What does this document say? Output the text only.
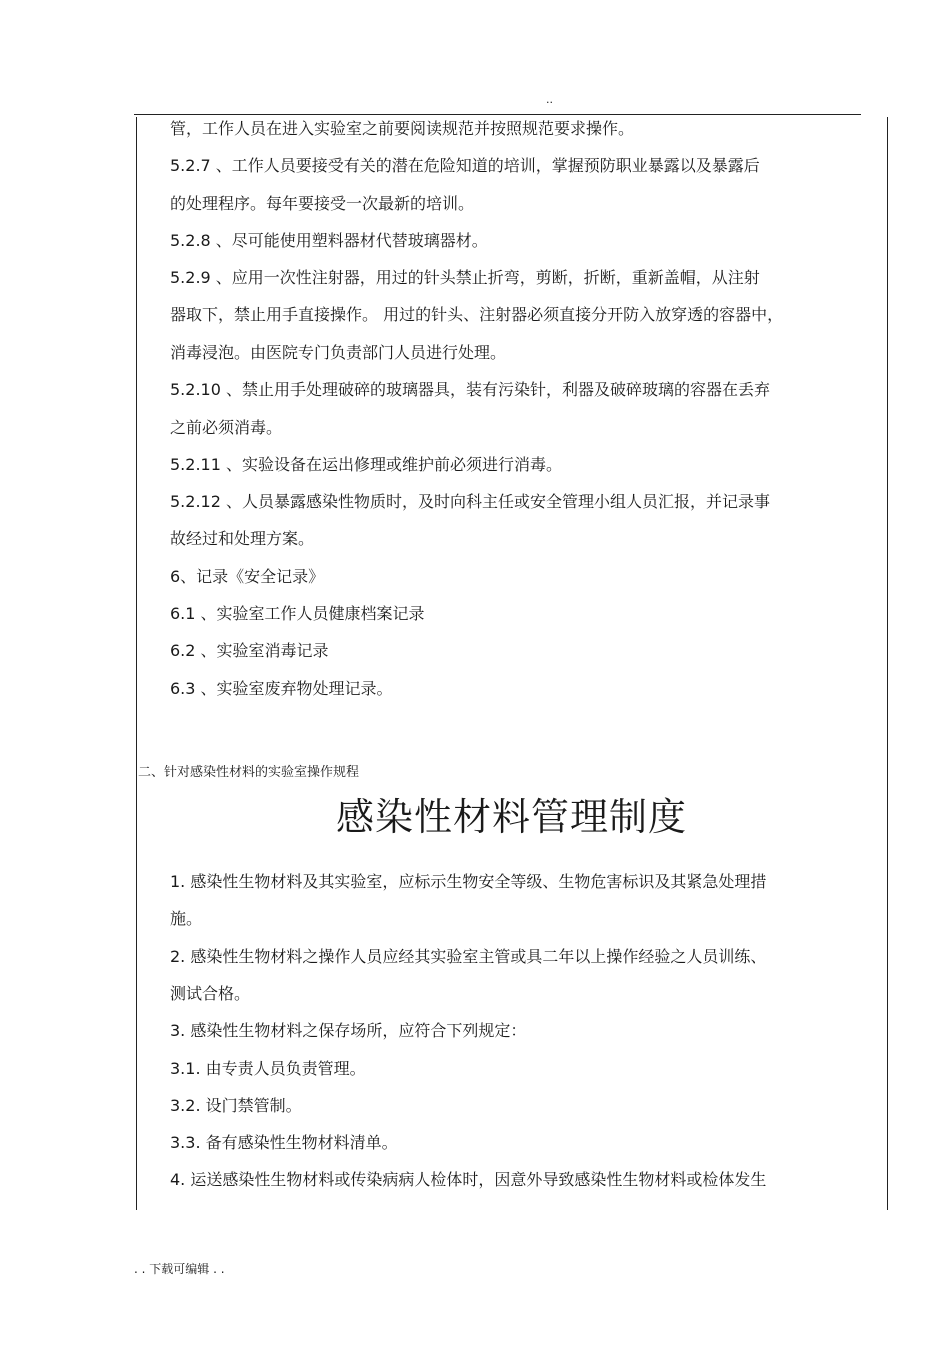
..
管，工作人员在进入实验室之前要阅读规范并按照规范要求操作。
5.2.7 、工作人员要接受有关的潜在危险知道的培训，掌握预防职业暴露以及暴露后
的处理程序。每年要接受一次最新的培训。
5.2.8 、尽可能使用塑料器材代替玻璃器材。
5.2.9 、应用一次性注射器，用过的针头禁止折弯，剪断，折断，重新盖帽，从注射
器取下，禁止用手直接操作。 用过的针头、注射器必须直接分开防入放穿透的容器中，
消毒浸泡。由医院专门负责部门人员进行处理。
5.2.10 、禁止用手处理破碎的玻璃器具，装有污染针，利器及破碎玻璃的容器在丢弃
之前必须消毒。
5.2.11 、实验设备在运出修理或维护前必须进行消毒。
5.2.12 、人员暴露感染性物质时，及时向科主任或安全管理小组人员汇报，并记录事
故经过和处理方案。
6、记录《安全记录》
6.1 、实验室工作人员健康档案记录
6.2 、实验室消毒记录
6.3 、实验室废弃物处理记录。
二、针对感染性材料的实验室操作规程
感染性材料管理制度
1. 感染性生物材料及其实验室，应标示生物安全等级、生物危害标识及其紧急处理措
施。
2. 感染性生物材料之操作人员应经其实验室主管或具二年以上操作经验之人员训练、
测试合格。
3. 感染性生物材料之保存场所，应符合下列规定：
3.1. 由专责人员负责管理。
3.2. 设门禁管制。
3.3. 备有感染性生物材料清单。
4. 运送感染性生物材料或传染病病人检体时，因意外导致感染性生物材料或检体发生
. . 下载可编辑 . .
